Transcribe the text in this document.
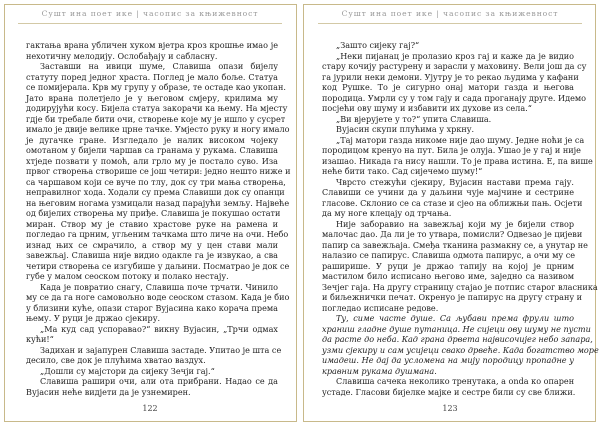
Сушт ина поет ике | часопис за књижевност
гактања врана убличен хуком вјетра кроз крошње имао је
нехотичну мелодију. Ослобађају и сабласну.
Заставши на ивици шуме, Славиша опази бијелу
статуту поред једног храста. Поглед је мало боље. Статуа
се помијерала. Крв му групу у образе, те остаде као укопан.
Јато врана полетјело је у његовом смјеру, крилима му
додирујући косу. Бијела статуа закорачи ка њему. На мјесту
гдје би требале бити очи, створење које му је ишло у сусрет
имало је двије велике црне тачке. Умјесто руку и ногу имало
је дугачке гране. Изгледало је налик високом чојеку
омотаном у бијели чаршав са гранама у рукама. Славиша
хтједе позвати у помоћ, али грло му је постало суво. Иза
првог створења створише се још четири: једно нешто ниже и
са чаршавом који се вуче по тлу, док су три мања створења,
неправилног хода. Ходали су према Славиши док су опанци
на његовим ногама узмицали назад парајући земљу. Највеће
од бијелих створења му приђе. Славиша је покушао остати
миран. Створ му је ставио храстове руке на рамена и
погледао га црним, угљеним тачкама што личе на очи. Небо
изнад њих се смрачило, а створ му у цен стави мали
завежљај. Славиша није видио одакле га је извукао, а сва
четири створења се изгубише у даљини. Посматрао је док се
губе у малом сеоском потоку и полако нестају.
Када је повратио снагу, Славиша поче трчати. Чинило
му се да га ноге самовољно воде сеоском стазом. Када је био
у близини куће, опази старог Вујасина како корача према
њему. У руци је држао сјекиру.
„Ма куд сад успоравао?“ викну Вујасин, „Трчи одмах
кући!“
Задихан и зајапурен Славиша застаде. Упитао је шта се
десило, све док је плућима хватао ваздух.
„Дошли су мајстори да сијеку Зечји гај.“
Славиша рашири очи, али ота прибрани. Надао се да
Вујасин неће видјети да је узнемирен.
122
Сушт ина поет ике | часопис за књижевност
„Зашто сијеку гај?“
„Неки пијанац је пролазио кроз гај и каже да је видио
стару кочију растурену и зарасли у маховину. Вели још да су
га јурили неки демони. Ујутру је то рекао људима у кафани
код Рушке. То је сигурно онај матори газда и његова
породица. Умрли су у том гају и сада проганају друге. Идемо
посјећи ову шуму и избавити их духове из села.“
„Ви вјерујете у то?“ упита Славиша.
Вујасин скупи плућима у хркну.
„Тај матори газда никоме није дао шуму. Једне ноћи је са
породицом кренуо на пут. Била је олуја. Ушао је у гај и није
изашао. Никада га нису нашли. То је права истина. Е, па више
неће бити тако. Сад сијечемо шуму!“
Чврсто стежући сјекиру, Вујасин настави према гају.
Славиши се учини да у даљини чује мајчине и сестрине
гласове. Склонио се са стазе и сјео на оближњи пањ. Осјети
да му ноге клецају од трчања.
Није заборавио на завежљај који му је бијели створ
малочас дао. Да ли је то утвара, помисли? Одвезао је цијеви
папир са завежљаја. Смеђа тканина размакну се, а унутар не
налазио се папирус. Славиша одмота папирус, а очи му се
раширише. У руци је држао тапију на којој је црним
мастилом било исписано његово име, заједно са називом
Зечјег гаја. На другу страницу стајао је потпис старог власника
и биљежнички печат. Окренуо је папирус на другу страну и
погледао исписане редове.
Ту, симе часте душе. Са љубави према фрули што
храниш гладне душе путаница. Не сијеци ову шуму не пусти
да расте до неба. Кад грана дрвета највисочијег небо запара,
узми сјекиру и сам усијеци свако дрвеће. Када богатство море
имадеш. Не дај да усломена на мију породицу пропадне у
кравним рукама душмана.
Славиша сачека неколико тренутака, а onda ко опарен
устаде. Гласови бијелке мајке и сестре били су све ближи.
123
